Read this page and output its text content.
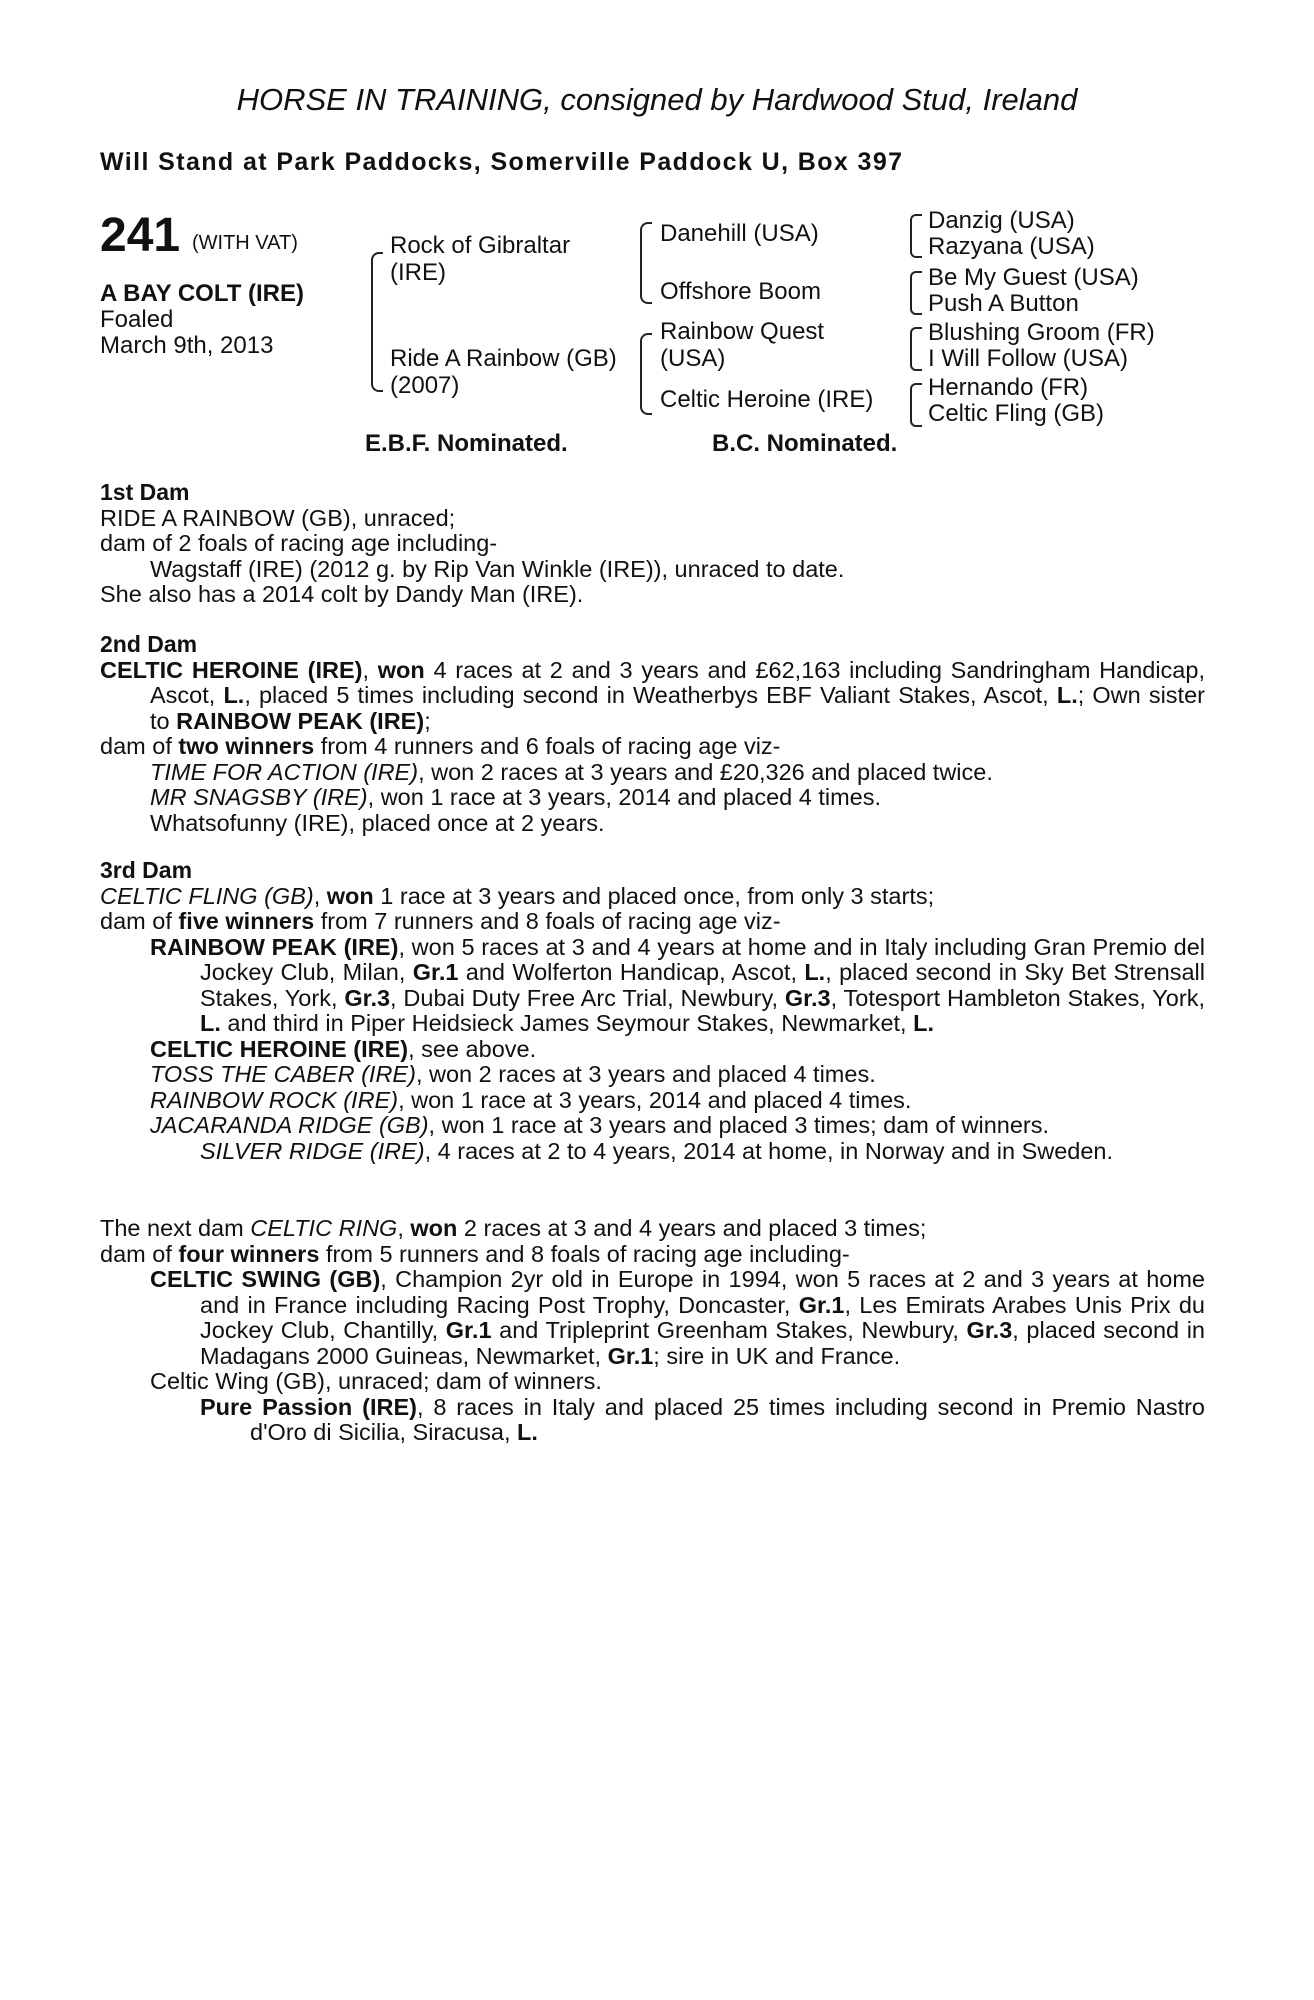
HORSE IN TRAINING, consigned by Hardwood Stud, Ireland
Will Stand at Park Paddocks, Somerville Paddock U, Box 397
241 (WITH VAT)
A BAY COLT (IRE)
Foaled
March 9th, 2013
Rock of Gibraltar
(IRE)
Ride A Rainbow (GB)
(2007)
Danehill (USA)
Offshore Boom
Rainbow Quest
(USA)
Celtic Heroine (IRE)
Danzig (USA)
Razyana (USA)
Be My Guest (USA)
Push A Button
Blushing Groom (FR)
I Will Follow (USA)
Hernando (FR)
Celtic Fling (GB)
E.B.F. Nominated.	B.C. Nominated.

1st Dam

RIDE A RAINBOW (GB), unraced;

dam of 2 foals of racing age including-

Wagstaff (IRE) (2012 g. by Rip Van Winkle (IRE)), unraced to date.

She also has a 2014 colt by Dandy Man (IRE).

2nd Dam

CELTIC HEROINE (IRE), won 4 races at 2 and 3 years and £62,163 including Sandringham Handicap, Ascot, L., placed 5 times including second in Weatherbys EBF Valiant Stakes, Ascot, L.; Own sister to RAINBOW PEAK (IRE);

dam of two winners from 4 runners and 6 foals of racing age viz-

TIME FOR ACTION (IRE), won 2 races at 3 years and £20,326 and placed twice.

MR SNAGSBY (IRE), won 1 race at 3 years, 2014 and placed 4 times.

Whatsofunny (IRE), placed once at 2 years.

3rd Dam

CELTIC FLING (GB), won 1 race at 3 years and placed once, from only 3 starts;

dam of five winners from 7 runners and 8 foals of racing age viz-

RAINBOW PEAK (IRE), won 5 races at 3 and 4 years at home and in Italy including Gran Premio del Jockey Club, Milan, Gr.1 and Wolferton Handicap, Ascot, L., placed second in Sky Bet Strensall Stakes, York, Gr.3, Dubai Duty Free Arc Trial, Newbury, Gr.3, Totesport Hambleton Stakes, York, L. and third in Piper Heidsieck James Seymour Stakes, Newmarket, L.

CELTIC HEROINE (IRE), see above.

TOSS THE CABER (IRE), won 2 races at 3 years and placed 4 times.

RAINBOW ROCK (IRE), won 1 race at 3 years, 2014 and placed 4 times.

JACARANDA RIDGE (GB), won 1 race at 3 years and placed 3 times; dam of winners.

SILVER RIDGE (IRE), 4 races at 2 to 4 years, 2014 at home, in Norway and in Sweden.

The next dam CELTIC RING, won 2 races at 3 and 4 years and placed 3 times;

dam of four winners from 5 runners and 8 foals of racing age including-

CELTIC SWING (GB), Champion 2yr old in Europe in 1994, won 5 races at 2 and 3 years at home and in France including Racing Post Trophy, Doncaster, Gr.1, Les Emirats Arabes Unis Prix du Jockey Club, Chantilly, Gr.1 and Tripleprint Greenham Stakes, Newbury, Gr.3, placed second in Madagans 2000 Guineas, Newmarket, Gr.1; sire in UK and France.

Celtic Wing (GB), unraced; dam of winners.

Pure Passion (IRE), 8 races in Italy and placed 25 times including second in Premio Nastro d'Oro di Sicilia, Siracusa, L.
